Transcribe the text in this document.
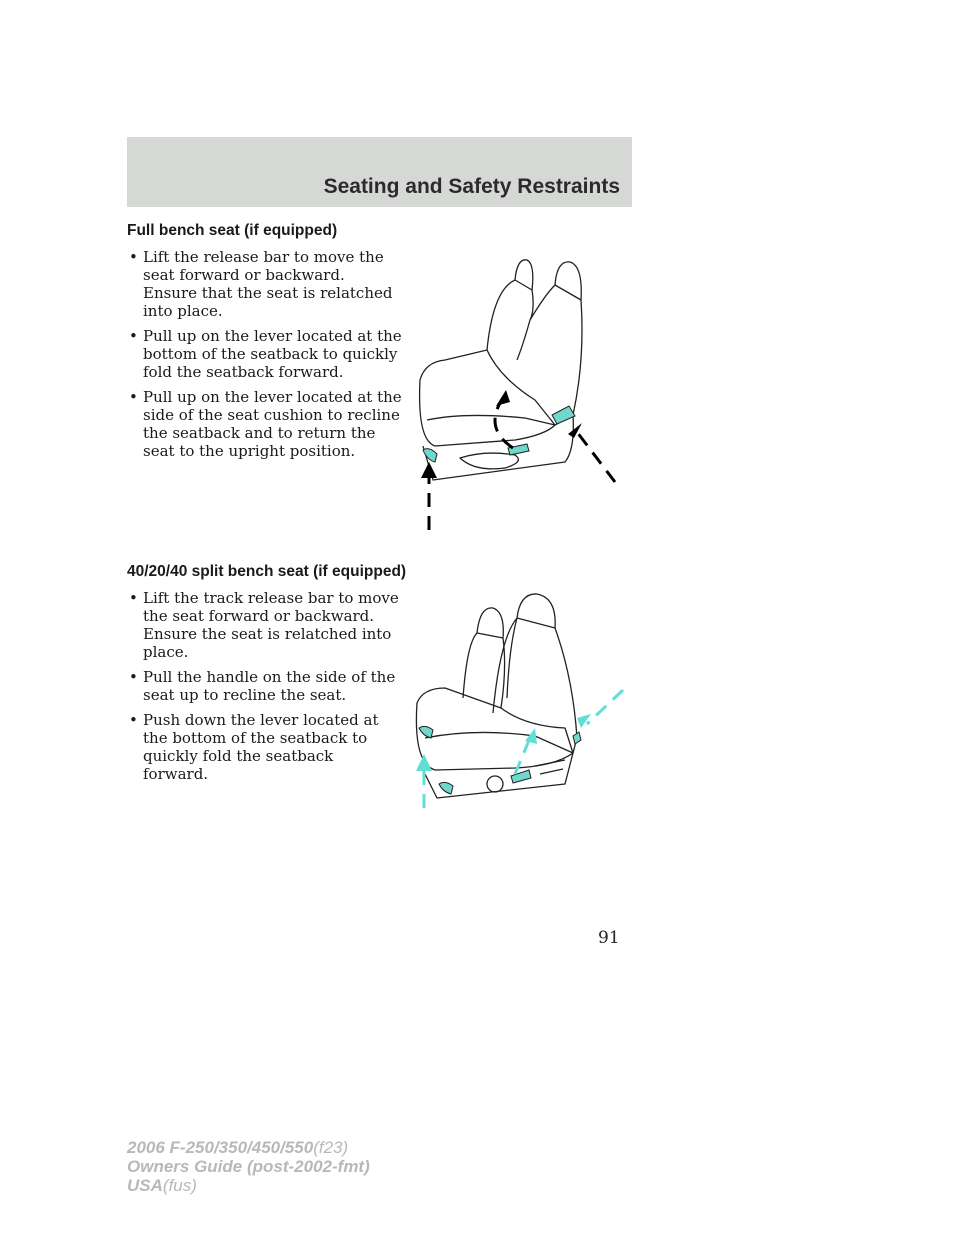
Seating and Safety Restraints
Full bench seat (if equipped)
• Lift the release bar to move the seat forward or backward. Ensure that the seat is relatched into place.
• Pull up on the lever located at the bottom of the seatback to quickly fold the seatback forward.
• Pull up on the lever located at the side of the seat cushion to recline the seatback and to return the seat to the upright position.
40/20/40 split bench seat (if equipped)
• Lift the track release bar to move the seat forward or backward. Ensure the seat is relatched into place.
• Pull the handle on the side of the seat up to recline the seat.
• Push down the lever located at the bottom of the seatback to quickly fold the seatback forward.
91
2006 F-250/350/450/550(f23)
Owners Guide (post-2002-fmt)
USA(fus)
